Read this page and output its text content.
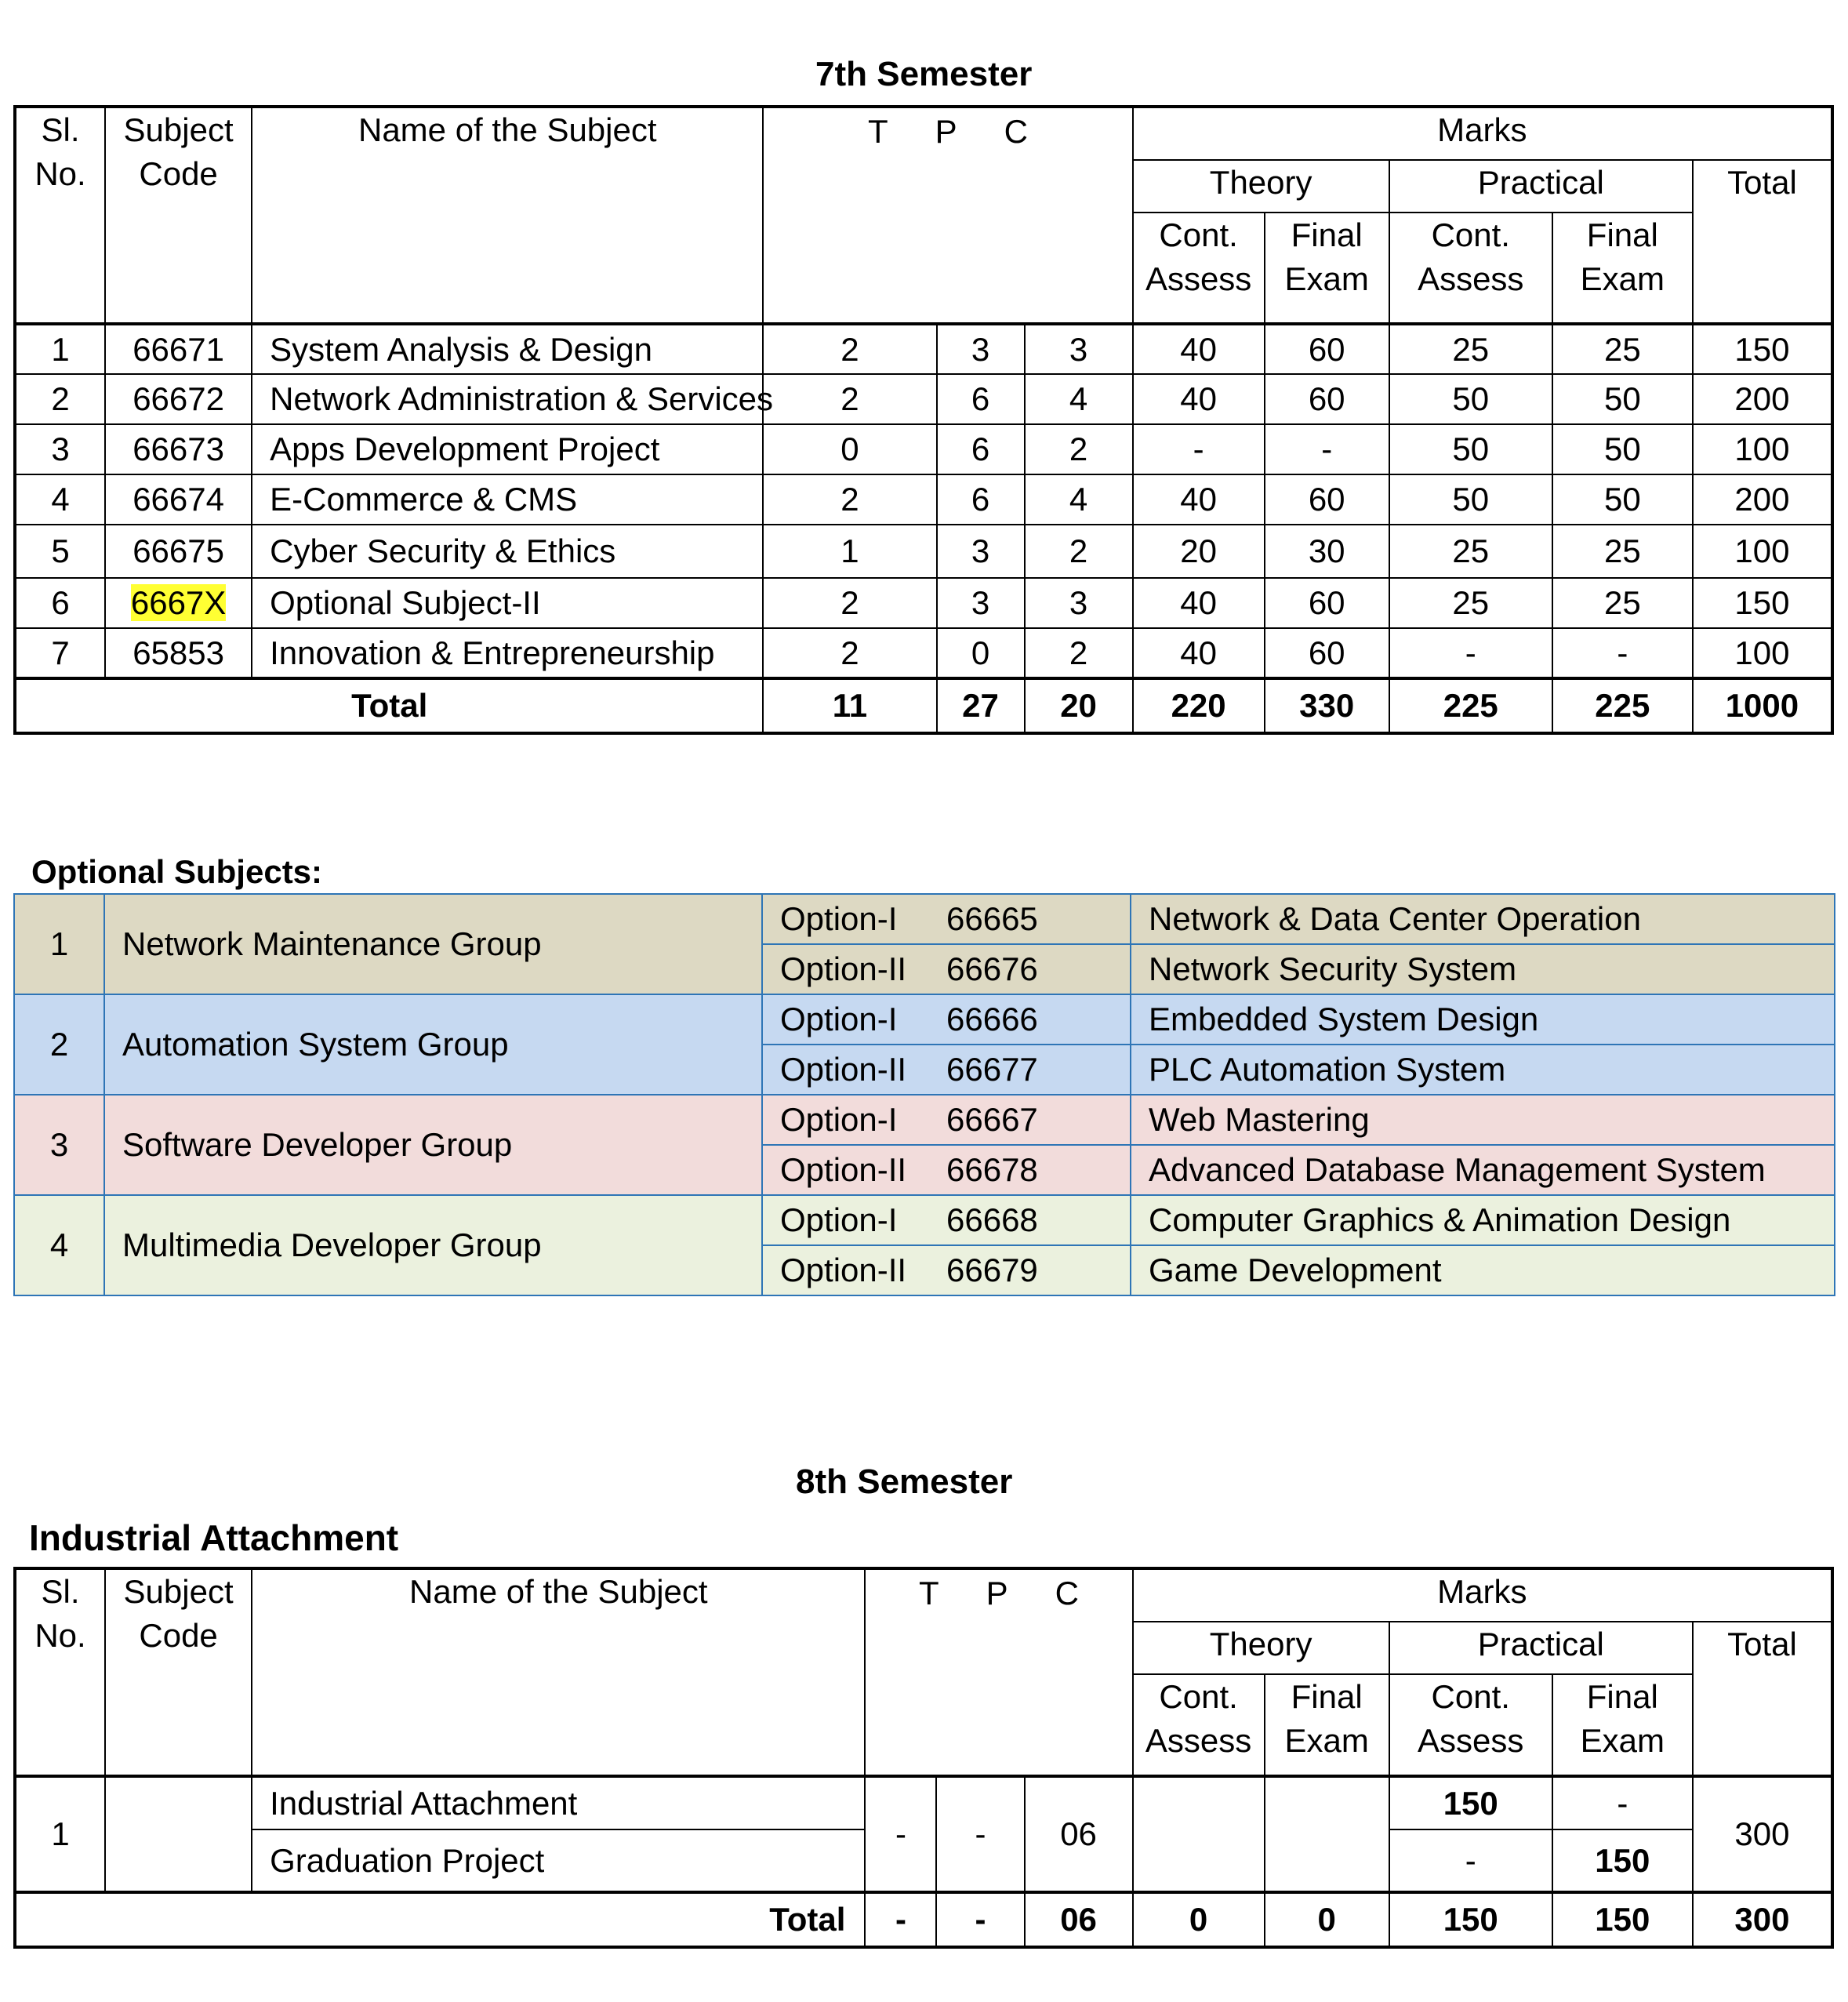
7th Semester
Sl. No.	Subject Code	Name of the Subject	T P C			Marks				
						Theory		Practical		Total
						Cont. Assess	Final Exam	Cont. Assess	Final Exam	
1	66671	System Analysis & Design	2	3	3	40	60	25	25	150
2	66672	Network Administration & Services	2	6	4	40	60	50	50	200
3	66673	Apps Development Project	0	6	2	-	-	50	50	100
4	66674	E-Commerce & CMS	2	6	4	40	60	50	50	200
5	66675	Cyber Security & Ethics	1	3	2	20	30	25	25	100
6	6667X	Optional Subject-II	2	3	3	40	60	25	25	150
7	65853	Innovation & Entrepreneurship	2	0	2	40	60	-	-	100
Total			11	27	20	220	330	225	225	1000
Optional Subjects:
1	Network Maintenance Group	Option-I 66665	Network & Data Center Operation
		Option-II 66676	Network Security System
2	Automation System Group	Option-I 66666	Embedded System Design
		Option-II 66677	PLC Automation System
3	Software Developer Group	Option-I 66667	Web Mastering
		Option-II 66678	Advanced Database Management System
4	Multimedia Developer Group	Option-I 66668	Computer Graphics & Animation Design
		Option-II 66679	Game Development
8th Semester
Industrial Attachment
Sl. No.	Subject Code	Name of the Subject	T P C			Marks				
						Theory		Practical		Total
						Cont. Assess	Final Exam	Cont. Assess	Final Exam	
1		Industrial Attachment	-	-	06			150	-	300
		Graduation Project						-	150	
Total			-	-	06	0	0	150	150	300
